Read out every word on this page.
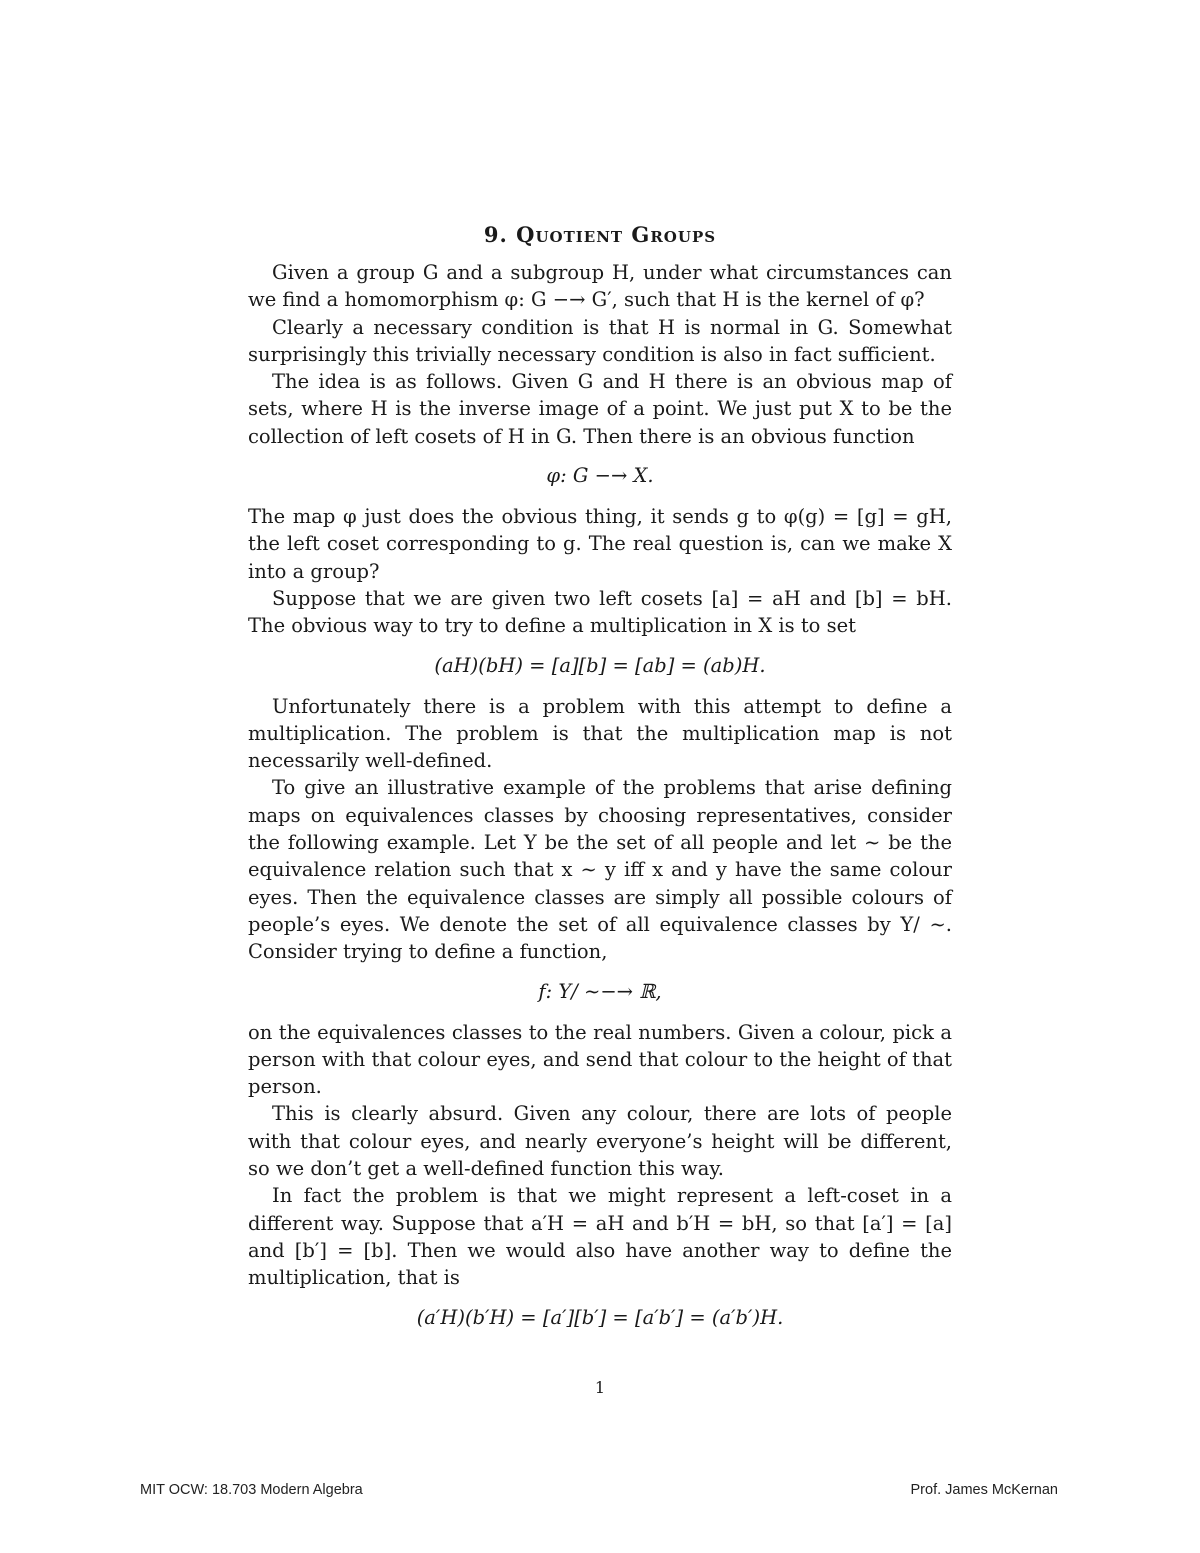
9. Quotient Groups

Given a group G and a subgroup H, under what circumstances can we find a homomorphism φ: G −→ G′, such that H is the kernel of φ?

Clearly a necessary condition is that H is normal in G. Somewhat surprisingly this trivially necessary condition is also in fact sufficient.

The idea is as follows. Given G and H there is an obvious map of sets, where H is the inverse image of a point. We just put X to be the collection of left cosets of H in G. Then there is an obvious function

φ: G −→ X.

The map φ just does the obvious thing, it sends g to φ(g) = [g] = gH, the left coset corresponding to g. The real question is, can we make X into a group?

Suppose that we are given two left cosets [a] = aH and [b] = bH. The obvious way to try to define a multiplication in X is to set

(aH)(bH) = [a][b] = [ab] = (ab)H.

Unfortunately there is a problem with this attempt to define a multiplication. The problem is that the multiplication map is not necessarily well-defined.

To give an illustrative example of the problems that arise defining maps on equivalences classes by choosing representatives, consider the following example. Let Y be the set of all people and let ∼ be the equivalence relation such that x ∼ y iff x and y have the same colour eyes. Then the equivalence classes are simply all possible colours of people’s eyes. We denote the set of all equivalence classes by Y/ ∼. Consider trying to define a function,

f: Y/ ∼−→ ℝ,

on the equivalences classes to the real numbers. Given a colour, pick a person with that colour eyes, and send that colour to the height of that person.

This is clearly absurd. Given any colour, there are lots of people with that colour eyes, and nearly everyone’s height will be different, so we don’t get a well-defined function this way.

In fact the problem is that we might represent a left-coset in a different way. Suppose that a′H = aH and b′H = bH, so that [a′] = [a] and [b′] = [b]. Then we would also have another way to define the multiplication, that is

(a′H)(b′H) = [a′][b′] = [a′b′] = (a′b′)H.
1
MIT OCW: 18.703 Modern Algebra	Prof. James McKernan
